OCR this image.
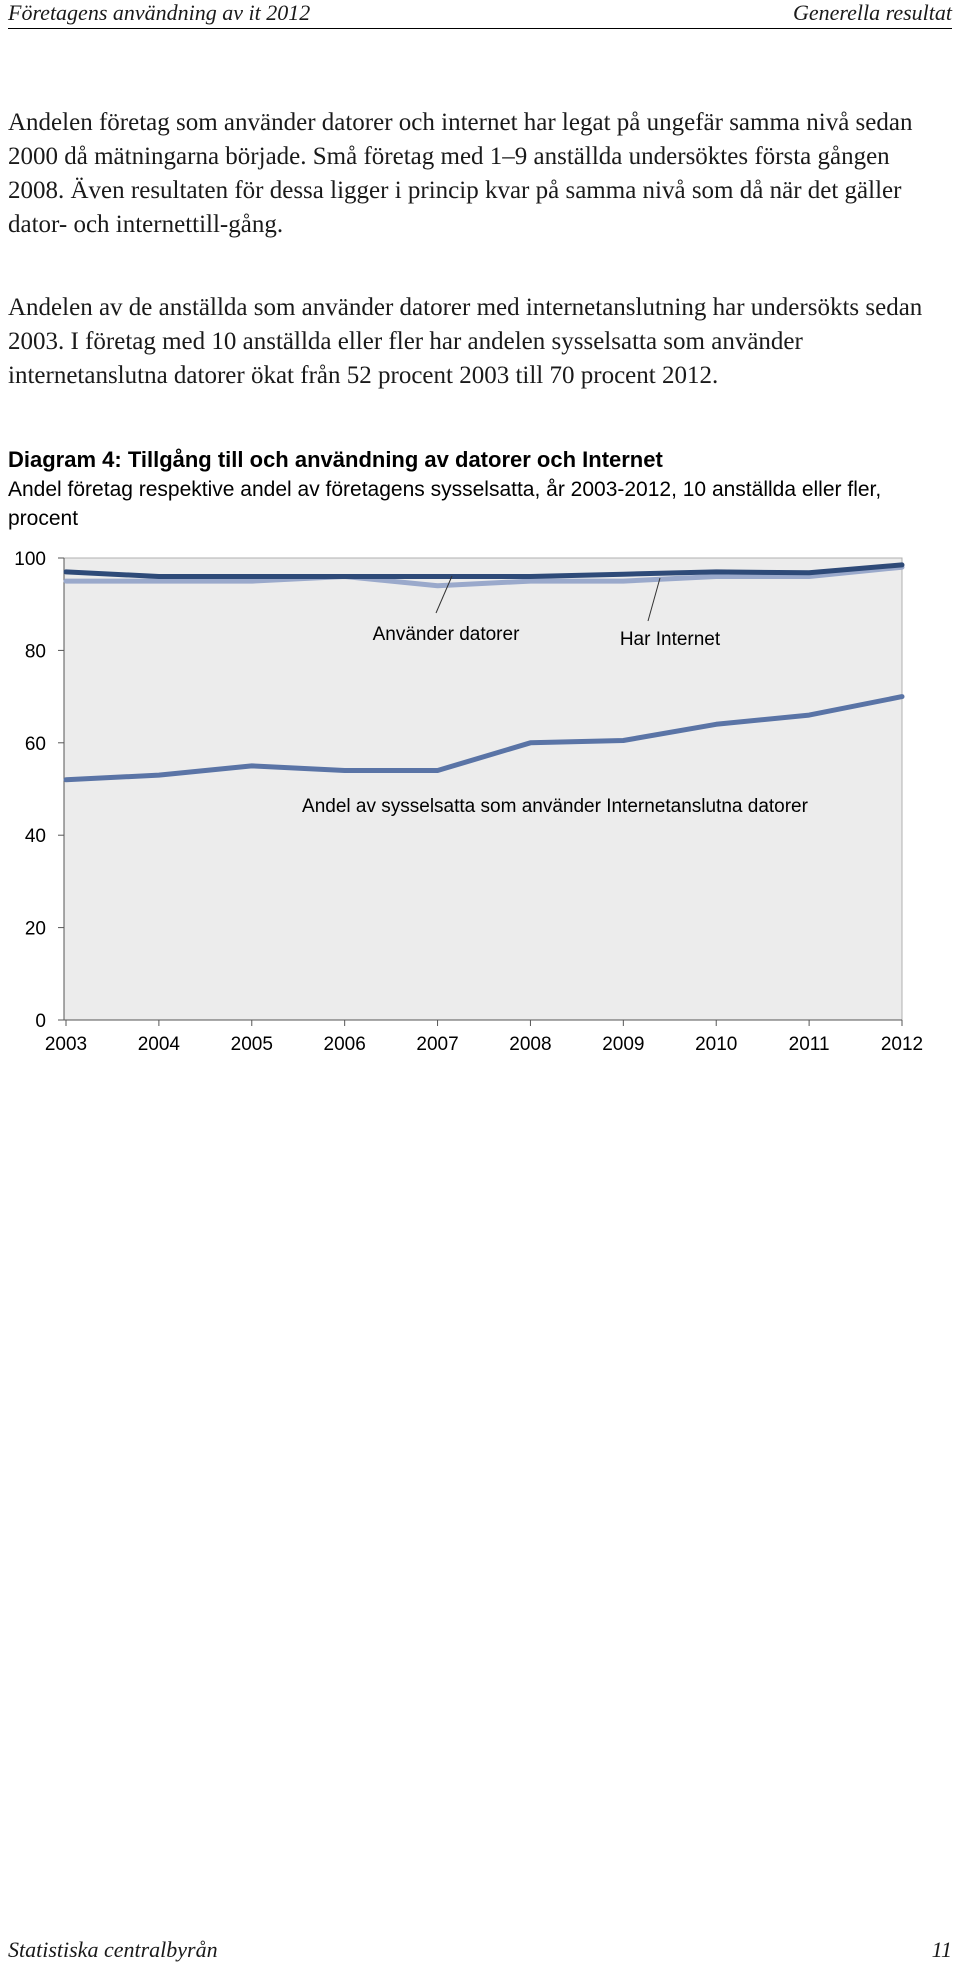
Företagens användning av it 2012	Generella resultat

Andelen företag som använder datorer och internet har legat på ungefär samma nivå sedan 2000 då mätningarna började. Små företag med 1–9 anställda undersöktes första gången 2008. Även resultaten för dessa ligger i princip kvar på samma nivå som då när det gäller dator- och internettill-gång.

Andelen av de anställda som använder datorer med internetanslutning har undersökts sedan 2003. I företag med 10 anställda eller fler har andelen sysselsatta som använder internetanslutna datorer ökat från 52 procent 2003 till 70 procent 2012.

Diagram 4: Tillgång till och användning av datorer och Internet
Andel företag respektive andel av företagens sysselsatta, år 2003-2012, 10 anställda eller fler, procent
0
20
40
60
80
100
2003	2004	2005	2006	2007	2008	2009	2010	2011	2012
Använder datorer	Har Internet
Andel av sysselsatta som använder Internetanslutna datorer
Statistiska centralbyrån	11
